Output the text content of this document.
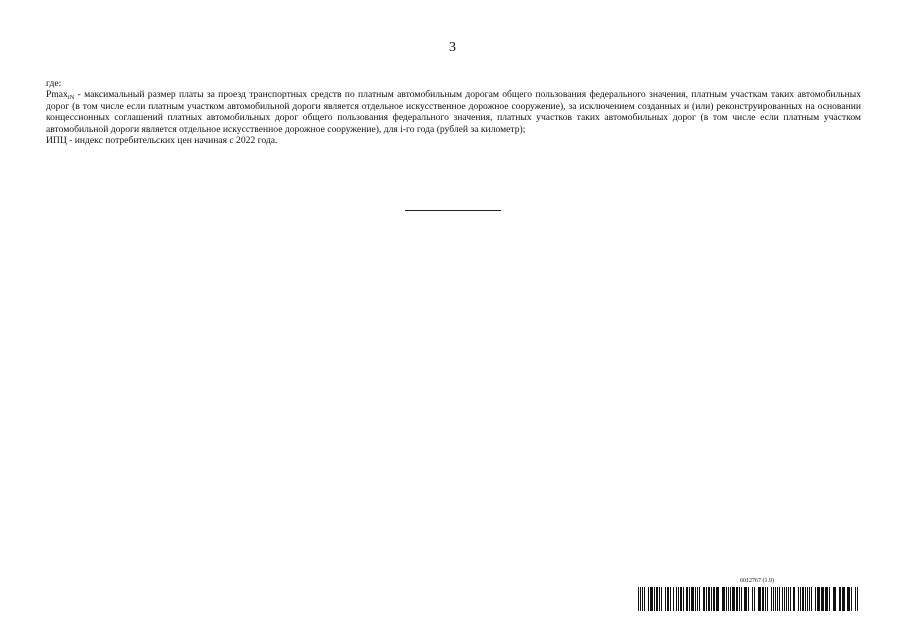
3

где:

Pmax$_{iN}$ - максимальный размер платы за проезд транспортных средств по платным автомобильным дорогам общего пользования федерального значения, платным участкам таких автомобильных дорог (в том числе если платным участком автомобильной дороги является отдельное искусственное дорожное сооружение), за исключением созданных и (или) реконструированных на основании концессионных соглашений платных автомобильных дорог общего пользования федерального значения, платных участков таких автомобильных дорог (в том числе если платным участком автомобильной дороги является отдельное искусственное дорожное сооружение), для i-го года (рублей за километр);

ИПЦ - индекс потребительских цен начиная с 2022 года.

6012767 (1.9)
